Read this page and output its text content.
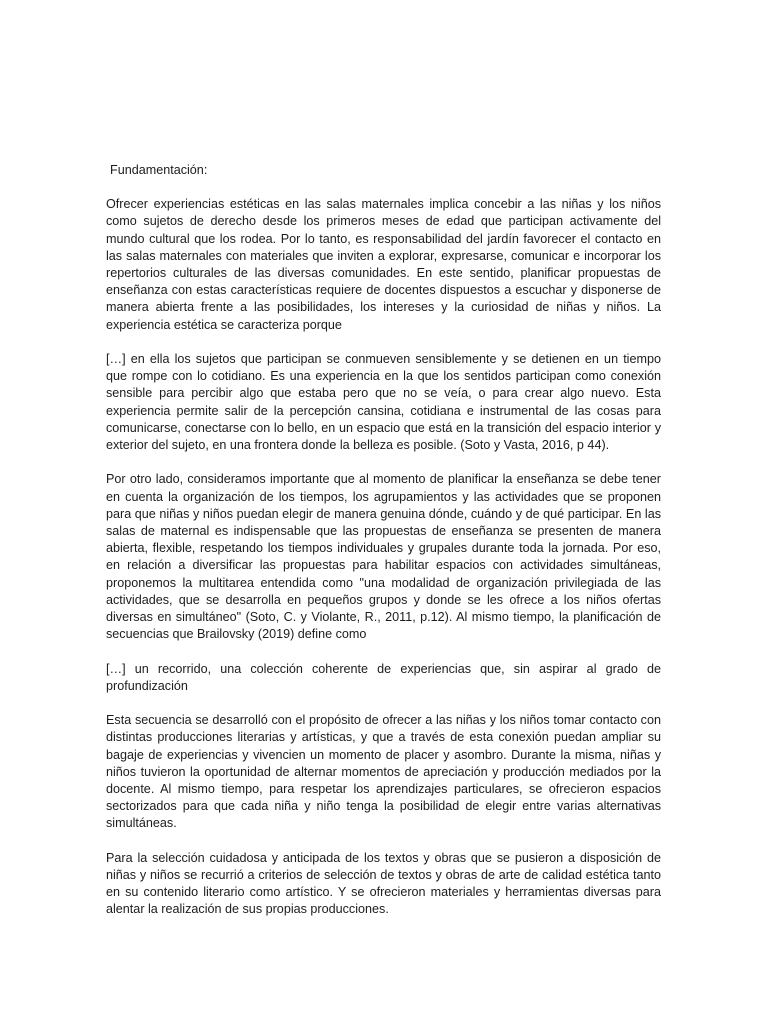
Fundamentación:

Ofrecer experiencias estéticas en las salas maternales implica concebir a las niñas y los niños como sujetos de derecho desde los primeros meses de edad que participan activamente del mundo cultural que los rodea. Por lo tanto, es responsabilidad del jardín favorecer el contacto en las salas maternales con materiales que inviten a explorar, expresarse, comunicar e incorporar los repertorios culturales de las diversas comunidades. En este sentido, planificar propuestas de enseñanza con estas características requiere de docentes dispuestos a escuchar y disponerse de manera abierta frente a las posibilidades, los intereses y la curiosidad de niñas y niños. La experiencia estética se caracteriza porque

[…] en ella los sujetos que participan se conmueven sensiblemente y se detienen en un tiempo que rompe con lo cotidiano. Es una experiencia en la que los sentidos participan como conexión sensible para percibir algo que estaba pero que no se veía, o para crear algo nuevo. Esta experiencia permite salir de la percepción cansina, cotidiana e instrumental de las cosas para comunicarse, conectarse con lo bello, en un espacio que está en la transición del espacio interior y exterior del sujeto, en una frontera donde la belleza es posible. (Soto y Vasta, 2016, p 44).

Por otro lado, consideramos importante que al momento de planificar la enseñanza se debe tener en cuenta la organización de los tiempos, los agrupamientos y las actividades que se proponen para que niñas y niños puedan elegir de manera genuina dónde, cuándo y de qué participar. En las salas de maternal es indispensable que las propuestas de enseñanza se presenten de manera abierta, flexible, respetando los tiempos individuales y grupales durante toda la jornada. Por eso, en relación a diversificar las propuestas para habilitar espacios con actividades simultáneas, proponemos la multitarea entendida como "una modalidad de organización privilegiada de las actividades, que se desarrolla en pequeños grupos y donde se les ofrece a los niños ofertas diversas en simultáneo" (Soto, C. y Violante, R., 2011, p.12). Al mismo tiempo, la planificación de secuencias que Brailovsky (2019) define como

[…] un recorrido, una colección coherente de experiencias que, sin aspirar al grado de profundización

Esta secuencia se desarrolló con el propósito de ofrecer a las niñas y los niños tomar contacto con distintas producciones literarias y artísticas, y que a través de esta conexión puedan ampliar su bagaje de experiencias y vivencien un momento de placer y asombro. Durante la misma, niñas y niños tuvieron la oportunidad de alternar momentos de apreciación y producción mediados por la docente. Al mismo tiempo, para respetar los aprendizajes particulares, se ofrecieron espacios sectorizados para que cada niña y niño tenga la posibilidad de elegir entre varias alternativas simultáneas.

Para la selección cuidadosa y anticipada de los textos y obras que se pusieron a disposición de niñas y niños se recurrió a criterios de selección de textos y obras de arte de calidad estética tanto en su contenido literario como artístico. Y se ofrecieron materiales y herramientas diversas para alentar la realización de sus propias producciones.
